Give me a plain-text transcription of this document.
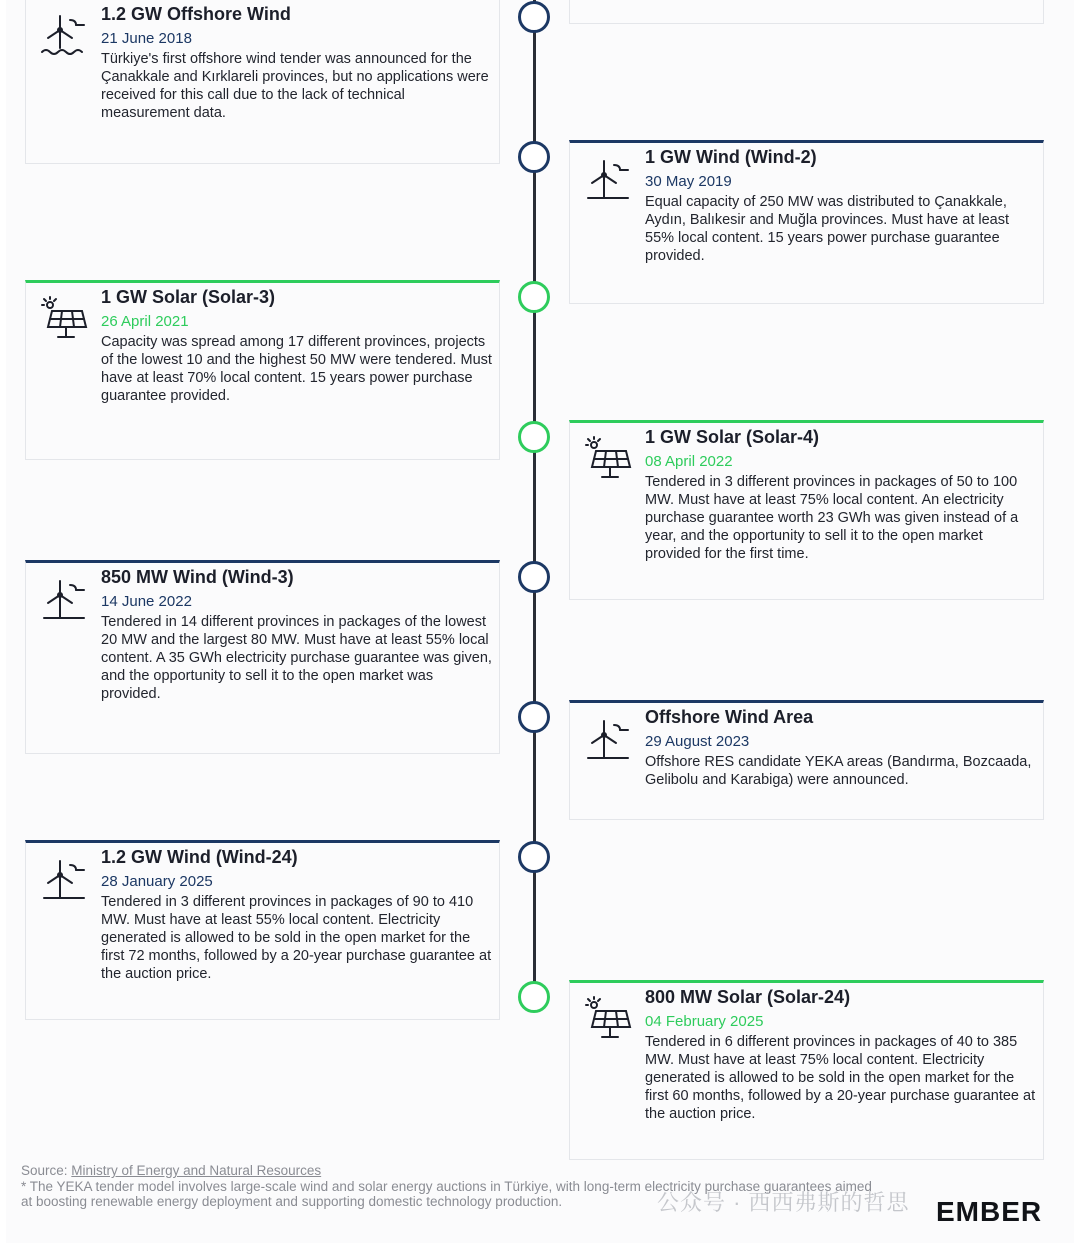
1.2 GW Offshore Wind
21 June 2018
Türkiye's first offshore wind tender was announced for the Çanakkale and Kırklareli provinces, but no applications were received for this call due to the lack of technical measurement data.
1 GW Wind (Wind-2)
30 May 2019
Equal capacity of 250 MW was distributed to Çanakkale, Aydın, Balıkesir and Muğla provinces. Must have at least 55% local content. 15 years power purchase guarantee provided.
1 GW Solar (Solar-3)
26 April 2021
Capacity was spread among 17 different provinces, projects of the lowest 10 and the highest 50 MW were tendered. Must have at least 70% local content. 15 years power purchase guarantee provided.
1 GW Solar (Solar-4)
08 April 2022
Tendered in 3 different provinces in packages of 50 to 100 MW. Must have at least 75% local content. An electricity purchase guarantee worth 23 GWh was given instead of a year, and the opportunity to sell it to the open market provided for the first time.
850 MW Wind (Wind-3)
14 June 2022
Tendered in 14 different provinces in packages of the lowest 20 MW and the largest 80 MW. Must have at least 55% local content. A 35 GWh electricity purchase guarantee was given, and the opportunity to sell it to the open market was provided.
Offshore Wind Area
29 August 2023
Offshore RES candidate YEKA areas (Bandırma, Bozcaada, Gelibolu and Karabiga) were announced.
1.2 GW Wind (Wind-24)
28 January 2025
Tendered in 3 different provinces in packages of 90 to 410 MW. Must have at least 55% local content. Electricity generated is allowed to be sold in the open market for the first 72 months, followed by a 20-year purchase guarantee at the auction price.
800 MW Solar (Solar-24)
04 February 2025
Tendered in 6 different provinces in packages of 40 to 385 MW. Must have at least 75% local content. Electricity generated is allowed to be sold in the open market for the first 60 months, followed by a 20-year purchase guarantee at the auction price.
Source: Ministry of Energy and Natural Resources
* The YEKA tender model involves large-scale wind and solar energy auctions in Türkiye, with long-term electricity purchase guarantees aimed at boosting renewable energy deployment and supporting domestic technology production.	公众号 · 西西弗斯的哲思 EMBER
